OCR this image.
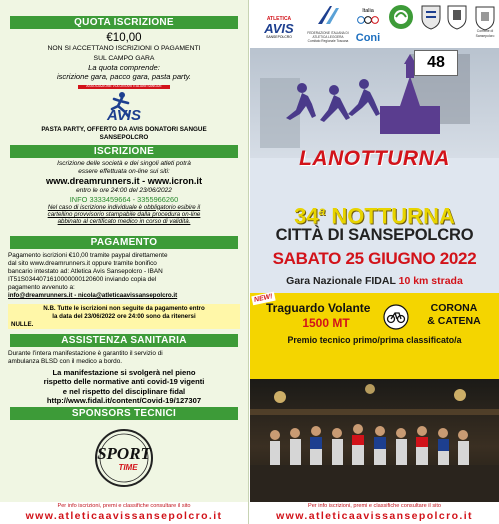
QUOTA ISCRIZIONE
€10,00
NON SI ACCETTANO ISCRIZIONI O PAGAMENTI
SUL CAMPO GARA
La quota comprende:
iscrizione gara, pacco gara, pasta party.
ASSOCIAZIONE VOLONTARI ITALIANI SANGUE
AVIS
PASTA PARTY, OFFERTO DA AVIS DONATORI SANGUE
SANSEPOLCRO
ISCRIZIONE
Iscrizione delle società e dei singoli atleti potrà
essere effettuata on-line sui siti:
www.dreamrunners.it - www.icron.it
entro le ore 24:00 del 23/06/2022
INFO 3333459664 - 3355966260
Nel caso di iscrizione individuale è obbligatorio esibire il
cartellino provvisorio stampabile dalla procedura on-line
abbinato al certificato medico in corso di validità.
PAGAMENTO
Pagamento iscrizioni €10,00 tramite paypal direttamente
dal sito www.dreamrunners.it oppure tramite bonifico
bancario intestato ad: Atletica Avis Sansepolcro - IBAN
IT51S0344071610000000120600 inviando copia del
pagamento avvenuto a:
info@dreamrunners.it - nicola@atleticaavissansepolcro.it
N.B. Tutte le iscrizioni non seguite da pagamento entro
la data del 23/06/2022 ore 24:00 sono da ritenersi
NULLE.
ASSISTENZA SANITARIA
Durante l'intera manifestazione è garantito il servizio di
ambulanza BLSD con il medico a bordo.
La manifestazione si svolgerà nel pieno
rispetto delle normative anti covid-19 vigenti
e nel rispetto del disciplinare fidal
http://www.fidal.it/content/Covid-19/127307
SPONSORS TECNICI
SPORT
TIME
Per info iscrizioni, premi e classifiche consultare il sito
www.atleticaavissansepolcro.it
ATLETICA
AVIS
SANSEPOLCRO
FEDERAZIONE ITALIANA DI ATLETICA LEGGERA Comitato Regionale Toscana
Italia
Coni
Comune di Sansepolcro
48
LANOTTURNA
34$^a$ NOTTURNA
CITTÀ DI SANSEPOLCRO
SABATO 25 GIUGNO 2022
Gara Nazionale FIDAL 10 km strada
NEW!
Traguardo Volante
1500 MT
CORONA
& CATENA
Premio tecnico primo/prima classificato/a
Per info iscrizioni, premi e classifiche consultare il sito
www.atleticaavissansepolcro.it
